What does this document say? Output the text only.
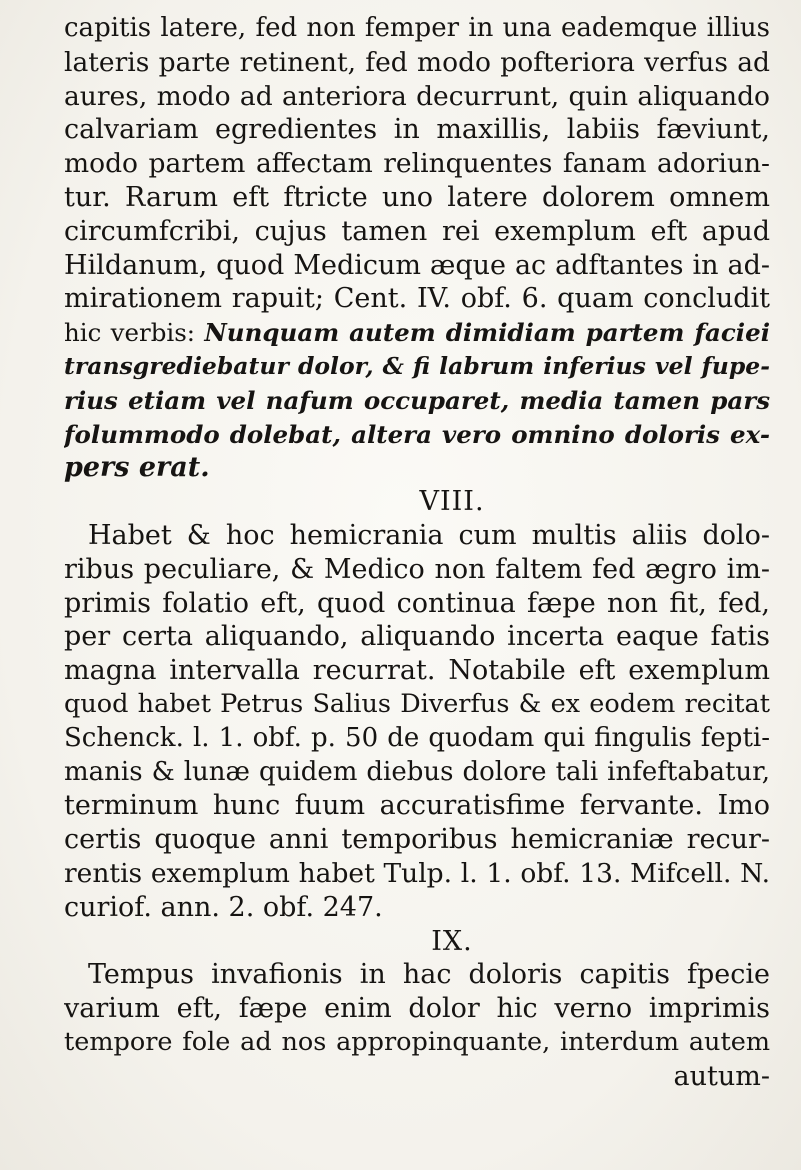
capitis latere, fed non femper in una eademque illius
lateris parte retinent, fed modo pofteriora verfus ad
aures, modo ad anteriora decurrunt, quin aliquando
calvariam egredientes in maxillis, labiis fæviunt,
modo partem affectam relinquentes fanam adoriun-
tur. Rarum eft ftricte uno latere dolorem omnem
circumfcribi, cujus tamen rei exemplum eft apud
Hildanum, quod Medicum æque ac adftantes in ad-
mirationem rapuit; Cent. IV. obf. 6. quam concludit
hic verbis: Nunquam autem dimidiam partem faciei
transgrediebatur dolor, & fi labrum inferius vel fupe-
rius etiam vel nafum occuparet, media tamen pars
folummodo dolebat, altera vero omnino doloris ex-
pers erat.
VIII.
Habet & hoc hemicrania cum multis aliis dolo-
ribus peculiare, & Medico non faltem fed ægro im-
primis folatio eft, quod continua fæpe non fit, fed,
per certa aliquando, aliquando incerta eaque fatis
magna intervalla recurrat. Notabile eft exemplum
quod habet Petrus Salius Diverfus & ex eodem recitat
Schenck. l. 1. obf. p. 50 de quodam qui fingulis fepti-
manis & lunæ quidem diebus dolore tali infeftabatur,
terminum hunc fuum accuratisfime fervante. Imo
certis quoque anni temporibus hemicraniæ recur-
rentis exemplum habet Tulp. l. 1. obf. 13. Mifcell. N.
curiof. ann. 2. obf. 247.
IX.
Tempus invafionis in hac doloris capitis fpecie
varium eft, fæpe enim dolor hic verno imprimis
tempore fole ad nos appropinquante, interdum autem
autum-
